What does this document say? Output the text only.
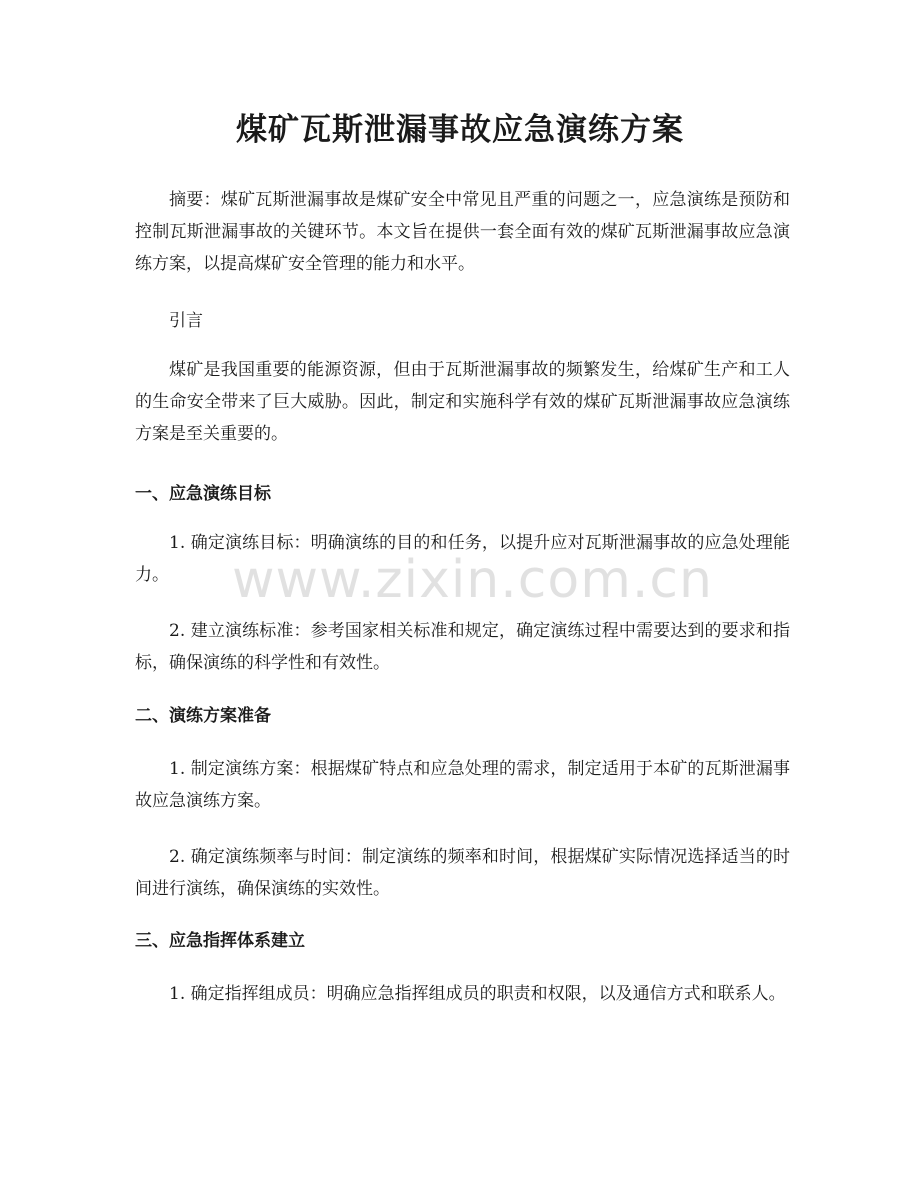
煤矿瓦斯泄漏事故应急演练方案

摘要：煤矿瓦斯泄漏事故是煤矿安全中常见且严重的问题之一，应急演练是预防和控制瓦斯泄漏事故的关键环节。本文旨在提供一套全面有效的煤矿瓦斯泄漏事故应急演练方案，以提高煤矿安全管理的能力和水平。

引言

煤矿是我国重要的能源资源，但由于瓦斯泄漏事故的频繁发生，给煤矿生产和工人的生命安全带来了巨大威胁。因此，制定和实施科学有效的煤矿瓦斯泄漏事故应急演练方案是至关重要的。

一、应急演练目标

1. 确定演练目标：明确演练的目的和任务，以提升应对瓦斯泄漏事故的应急处理能力。

2. 建立演练标准：参考国家相关标准和规定，确定演练过程中需要达到的要求和指标，确保演练的科学性和有效性。

二、演练方案准备

1. 制定演练方案：根据煤矿特点和应急处理的需求，制定适用于本矿的瓦斯泄漏事故应急演练方案。

2. 确定演练频率与时间：制定演练的频率和时间，根据煤矿实际情况选择适当的时间进行演练，确保演练的实效性。

三、应急指挥体系建立

1. 确定指挥组成员：明确应急指挥组成员的职责和权限，以及通信方式和联系人。

www.zixin.com.cn
